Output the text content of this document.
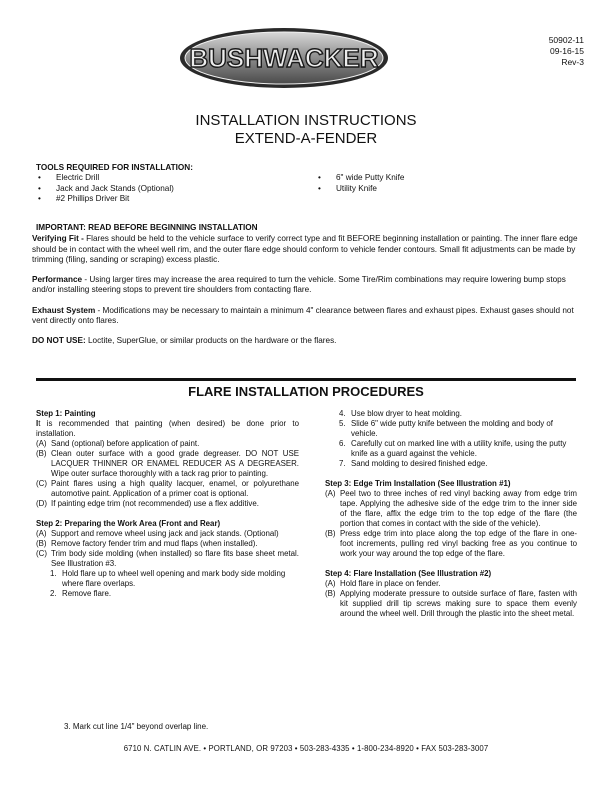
BUSHWACKER
50902-11
09-16-15
Rev-3
INSTALLATION INSTRUCTIONS
EXTEND-A-FENDER
TOOLS REQUIRED FOR INSTALLATION:
• Electric Drill
• Jack and Jack Stands (Optional)
• #2 Phillips Driver Bit
• 6" wide Putty Knife
• Utility Knife
IMPORTANT: READ BEFORE BEGINNING INSTALLATION

Verifying Fit - Flares should be held to the vehicle surface to verify correct type and fit BEFORE beginning installation or painting. The inner flare edge should be in contact with the wheel well rim, and the outer flare edge should conform to vehicle fender contours. Small fit adjustments can be made by trimming (filing, sanding or scraping) excess plastic.

Performance - Using larger tires may increase the area required to turn the vehicle. Some Tire/Rim combinations may require lowering bump stops and/or installing steering stops to prevent tire shoulders from contacting flare.

Exhaust System - Modifications may be necessary to maintain a minimum 4" clearance between flares and exhaust pipes. Exhaust gases should not vent directly onto flares.

DO NOT USE: Loctite, SuperGlue, or similar products on the hardware or the flares.

FLARE INSTALLATION PROCEDURES

Step 1: Painting

It is recommended that painting (when desired) be done prior to installation.

(A) Sand (optional) before application of paint.
(B) Clean outer surface with a good grade degreaser. DO NOT USE LACQUER THINNER OR ENAMEL REDUCER AS A DEGREASER. Wipe outer surface thoroughly with a tack rag prior to painting.
(C) Paint flares using a high quality lacquer, enamel, or polyurethane automotive paint. Application of a primer coat is optional.
(D) If painting edge trim (not recommended) use a flex additive.

Step 2: Preparing the Work Area (Front and Rear)

(A) Support and remove wheel using jack and jack stands. (Optional)
(B) Remove factory fender trim and mud flaps (when installed).
(C) Trim body side molding (when installed) so flare fits base sheet metal. See Illustration #3.
1. Hold flare up to wheel well opening and mark body side molding where flare overlaps.
2. Remove flare.
4. Use blow dryer to heat molding.
5. Slide 6" wide putty knife between the molding and body of vehicle.
6. Carefully cut on marked line with a utility knife, using the putty knife as a guard against the vehicle.
7. Sand molding to desired finished edge.

Step 3: Edge Trim Installation (See Illustration #1)

(A) Peel two to three inches of red vinyl backing away from edge trim tape. Applying the adhesive side of the edge trim to the inner side of the flare, affix the edge trim to the top edge of the flare (the portion that comes in contact with the side of the vehicle).
(B) Press edge trim into place along the top edge of the flare in one-foot increments, pulling red vinyl backing free as you continue to work your way around the top edge of the flare.

Step 4: Flare Installation (See Illustration #2)

(A) Hold flare in place on fender.
(B) Applying moderate pressure to outside surface of flare, fasten with kit supplied drill tip screws making sure to space them evenly around the wheel well. Drill through the plastic into the sheet metal.
3. Mark cut line 1/4" beyond overlap line.
6710 N. CATLIN AVE. • PORTLAND, OR 97203 • 503-283-4335 • 1-800-234-8920 • FAX 503-283-3007
